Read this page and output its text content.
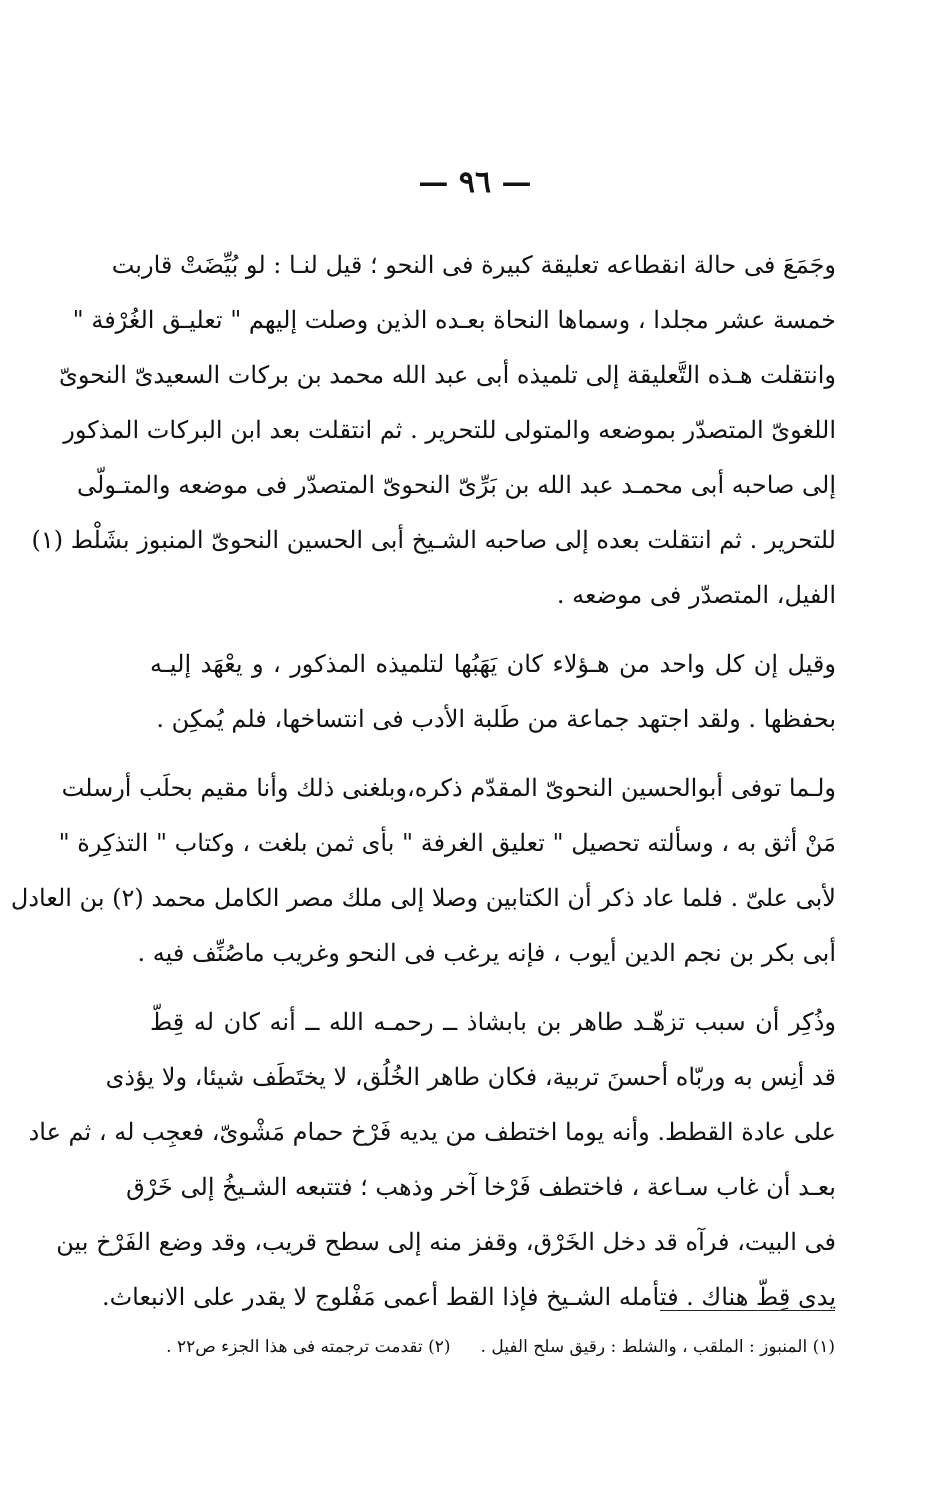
— ٩٦ —
وجَمَعَ فى حالة انقطاعه تعليقة كبيرة فى النحو ؛ قيل لنـا : لو بُيِّضَتْ قاربت
خمسة عشر مجلدا ، وسماها النحاة بعـده الذين وصلت إليهم " تعليـق الغُرْفة "
وانتقلت هـذه التَّعليقة إلى تلميذه أبى عبد الله محمد بن بركات السعيدىّ النحوىّ
اللغوىّ المتصدّر بموضعه والمتولى للتحرير . ثم انتقلت بعد ابن البركات المذكور
إلى صاحبه أبى محمـد عبد الله بن بَرِّىّ النحوىّ المتصدّر فى موضعه والمتـولّى
للتحرير . ثم انتقلت بعده إلى صاحبه الشـيخ أبى الحسين النحوىّ المنبوز بشَلْط (١)
الفيل، المتصدّر فى موضعه .
وقيل إن كل واحد من هـؤلاء كان يَهَبُها لتلميذه المذكور ، و يعْهَد إليـه
بحفظها . ولقد اجتهد جماعة من طَلبة الأدب فى انتساخها، فلم يُمكِن .
ولـما توفى أبوالحسين النحوىّ المقدّم ذكره،وبلغنى ذلك وأنا مقيم بحلَب أرسلت
مَنْ أثق به ، وسألته تحصيل " تعليق الغرفة " بأى ثمن بلغت ، وكتاب " التذكِرة "
لأبى علىّ . فلما عاد ذكر أن الكتابين وصلا إلى ملك مصر الكامل محمد (٢) بن العادل
أبى بكر بن نجم الدين أيوب ، فإنه يرغب فى النحو وغريب ماصُنِّف فيه .
وذُكِر أن سبب تزهّـد طاهر بن بابشاذ ــ رحمـه الله ــ أنه كان له قِطّ
قد أنِس به وربّاه أحسنَ تربية، فكان طاهر الخُلُق، لا يختَطَف شيئا، ولا يؤذى
على عادة القطط. وأنه يوما اختطف من يديه فَرْخ حمام مَشْوىّ، فعجِب له ، ثم عاد
بعـد أن غاب سـاعة ، فاختطف فَرْخا آخر وذهب ؛ فتتبعه الشـيخُ إلى خَرْق
فى البيت، فرآه قد دخل الخَرْق، وقفز منه إلى سطح قريب، وقد وضع الفَرْخ بين
يدى قِطّ هناك . فتأمله الشـيخ فإذا القط أعمى مَفْلوج لا يقدر على الانبعاث.
(١) المنبوز : الملقب ، والشلط : رقيق سلح الفيل .(٢) تقدمت ترجمته فى هذا الجزء ص٢٢ .
